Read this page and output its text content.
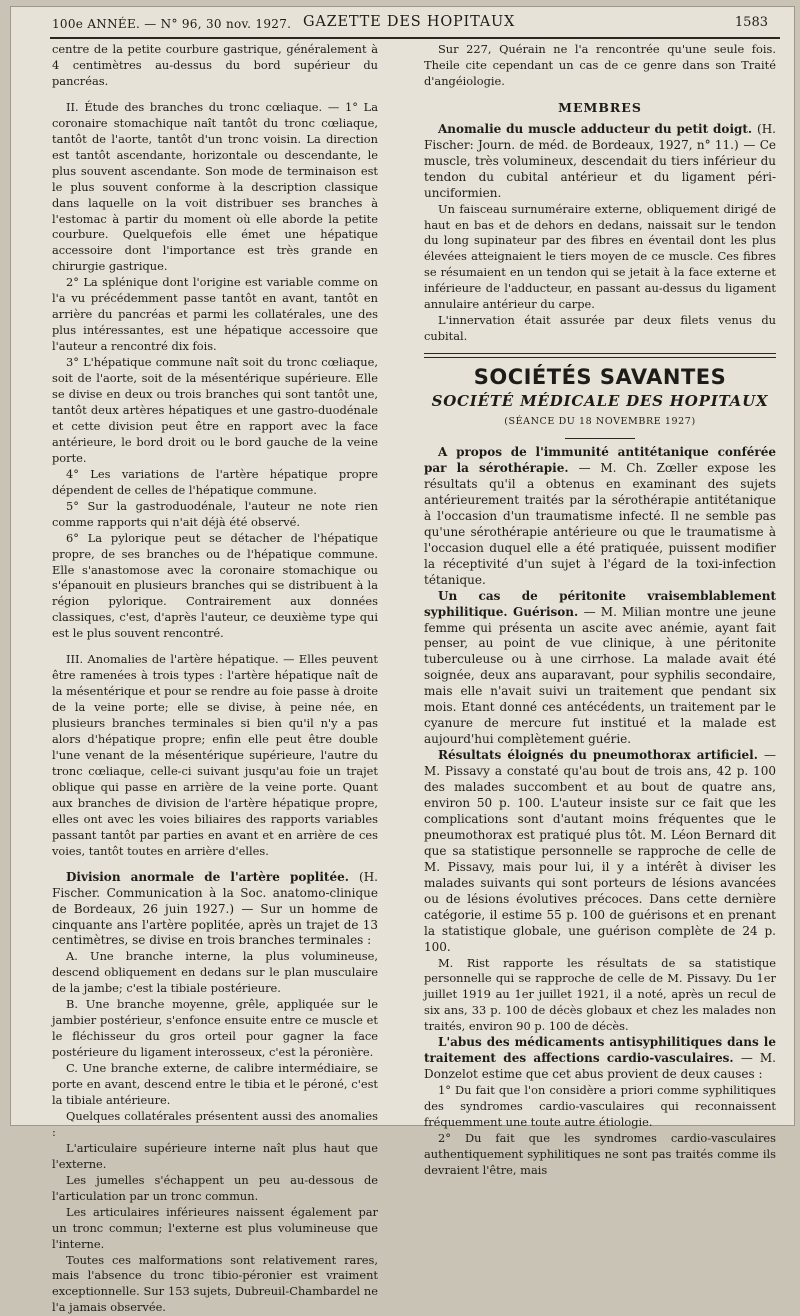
100e ANNÉE. — N° 96, 30 nov. 1927. GAZETTE DES HOPITAUX	1583

centre de la petite courbure gastrique, généralement à 4 centimètres au-dessus du bord supérieur du pancréas.

II. Étude des branches du tronc cœliaque. — 1° La coronaire stomachique naît tantôt du tronc cœliaque, tantôt de l'aorte, tantôt d'un tronc voisin. La direction est tantôt ascendante, horizontale ou descendante, le plus souvent ascendante. Son mode de terminaison est le plus souvent conforme à la description classique dans laquelle on la voit distribuer ses branches à l'estomac à partir du moment où elle aborde la petite courbure. Quelquefois elle émet une hépatique accessoire dont l'importance est très grande en chirurgie gastrique.

2° La splénique dont l'origine est variable comme on l'a vu précédemment passe tantôt en avant, tantôt en arrière du pancréas et parmi les collatérales, une des plus intéressantes, est une hépatique accessoire que l'auteur a rencontré dix fois.

3° L'hépatique commune naît soit du tronc cœliaque, soit de l'aorte, soit de la mésentérique supérieure. Elle se divise en deux ou trois branches qui sont tantôt une, tantôt deux artères hépatiques et une gastro-duodénale et cette division peut être en rapport avec la face antérieure, le bord droit ou le bord gauche de la veine porte.

4° Les variations de l'artère hépatique propre dépendent de celles de l'hépatique commune.

5° Sur la gastroduodénale, l'auteur ne note rien comme rapports qui n'ait déjà été observé.

6° La pylorique peut se détacher de l'hépatique propre, de ses branches ou de l'hépatique commune. Elle s'anastomose avec la coronaire stomachique ou s'épanouit en plusieurs branches qui se distribuent à la région pylorique. Contrairement aux données classiques, c'est, d'après l'auteur, ce deuxième type qui est le plus souvent rencontré.

III. Anomalies de l'artère hépatique. — Elles peuvent être ramenées à trois types : l'artère hépatique naît de la mésentérique et pour se rendre au foie passe à droite de la veine porte; elle se divise, à peine née, en plusieurs branches terminales si bien qu'il n'y a pas alors d'hépatique propre; enfin elle peut être double l'une venant de la mésentérique supérieure, l'autre du tronc cœliaque, celle-ci suivant jusqu'au foie un trajet oblique qui passe en arrière de la veine porte. Quant aux branches de division de l'artère hépatique propre, elles ont avec les voies biliaires des rapports variables passant tantôt par parties en avant et en arrière de ces voies, tantôt toutes en arrière d'elles.

Division anormale de l'artère poplitée. (H. Fischer. Communication à la Soc. anatomo-clinique de Bordeaux, 26 juin 1927.) — Sur un homme de cinquante ans l'artère poplitée, après un trajet de 13 centimètres, se divise en trois branches terminales :

A. Une branche interne, la plus volumineuse, descend obliquement en dedans sur le plan musculaire de la jambe; c'est la tibiale postérieure.

B. Une branche moyenne, grêle, appliquée sur le jambier postérieur, s'enfonce ensuite entre ce muscle et le fléchisseur du gros orteil pour gagner la face postérieure du ligament interosseux, c'est la péronière.

C. Une branche externe, de calibre intermédiaire, se porte en avant, descend entre le tibia et le péroné, c'est la tibiale antérieure.

Quelques collatérales présentent aussi des anomalies :

L'articulaire supérieure interne naît plus haut que l'externe.

Les jumelles s'échappent un peu au-dessous de l'articulation par un tronc commun.

Les articulaires inférieures naissent également par un tronc commun; l'externe est plus volumineuse que l'interne.

Toutes ces malformations sont relativement rares, mais l'absence du tronc tibio-péronier est vraiment exceptionnelle. Sur 153 sujets, Dubreuil-Chambardel ne l'a jamais observée.

Sur 227, Quérain ne l'a rencontrée qu'une seule fois. Theile cite cependant un cas de ce genre dans son Traité d'angéiologie.

MEMBRES

Anomalie du muscle adducteur du petit doigt. (H. Fischer: Journ. de méd. de Bordeaux, 1927, n° 11.) — Ce muscle, très volumineux, descendait du tiers inférieur du tendon du cubital antérieur et du ligament péri-unciformien.

Un faisceau surnuméraire externe, obliquement dirigé de haut en bas et de dehors en dedans, naissait sur le tendon du long supinateur par des fibres en éventail dont les plus élevées atteignaient le tiers moyen de ce muscle. Ces fibres se résumaient en un tendon qui se jetait à la face externe et inférieure de l'adducteur, en passant au-dessus du ligament annulaire antérieur du carpe.

L'innervation était assurée par deux filets venus du cubital.

SOCIÉTÉS SAVANTES
SOCIÉTÉ MÉDICALE DES HOPITAUX
(SÉANCE DU 18 NOVEMBRE 1927)

A propos de l'immunité antitétanique conférée par la sérothérapie. — M. Ch. Zœller expose les résultats qu'il a obtenus en examinant des sujets antérieurement traités par la sérothérapie antitétanique à l'occasion d'un traumatisme infecté. Il ne semble pas qu'une sérothérapie antérieure ou que le traumatisme à l'occasion duquel elle a été pratiquée, puissent modifier la réceptivité d'un sujet à l'égard de la toxi-infection tétanique.

Un cas de péritonite vraisemblablement syphilitique. Guérison. — M. Milian montre une jeune femme qui présenta un ascite avec anémie, ayant fait penser, au point de vue clinique, à une péritonite tuberculeuse ou à une cirrhose. La malade avait été soignée, deux ans auparavant, pour syphilis secondaire, mais elle n'avait suivi un traitement que pendant six mois. Etant donné ces antécédents, un traitement par le cyanure de mercure fut institué et la malade est aujourd'hui complètement guérie.

Résultats éloignés du pneumothorax artificiel. — M. Pissavy a constaté qu'au bout de trois ans, 42 p. 100 des malades succombent et au bout de quatre ans, environ 50 p. 100. L'auteur insiste sur ce fait que les complications sont d'autant moins fréquentes que le pneumothorax est pratiqué plus tôt. M. Léon Bernard dit que sa statistique personnelle se rapproche de celle de M. Pissavy, mais pour lui, il y a intérêt à diviser les malades suivants qui sont porteurs de lésions avancées ou de lésions évolutives précoces. Dans cette dernière catégorie, il estime 55 p. 100 de guérisons et en prenant la statistique globale, une guérison complète de 24 p. 100.

M. Rist rapporte les résultats de sa statistique personnelle qui se rapproche de celle de M. Pissavy. Du 1er juillet 1919 au 1er juillet 1921, il a noté, après un recul de six ans, 33 p. 100 de décès globaux et chez les malades non traités, environ 90 p. 100 de décès.

L'abus des médicaments antisyphilitiques dans le traitement des affections cardio-vasculaires. — M. Donzelot estime que cet abus provient de deux causes :

1° Du fait que l'on considère a priori comme syphilitiques des syndromes cardio-vasculaires qui reconnaissent fréquemment une toute autre étiologie.

2° Du fait que les syndromes cardio-vasculaires authentiquement syphilitiques ne sont pas traités comme ils devraient l'être, mais
